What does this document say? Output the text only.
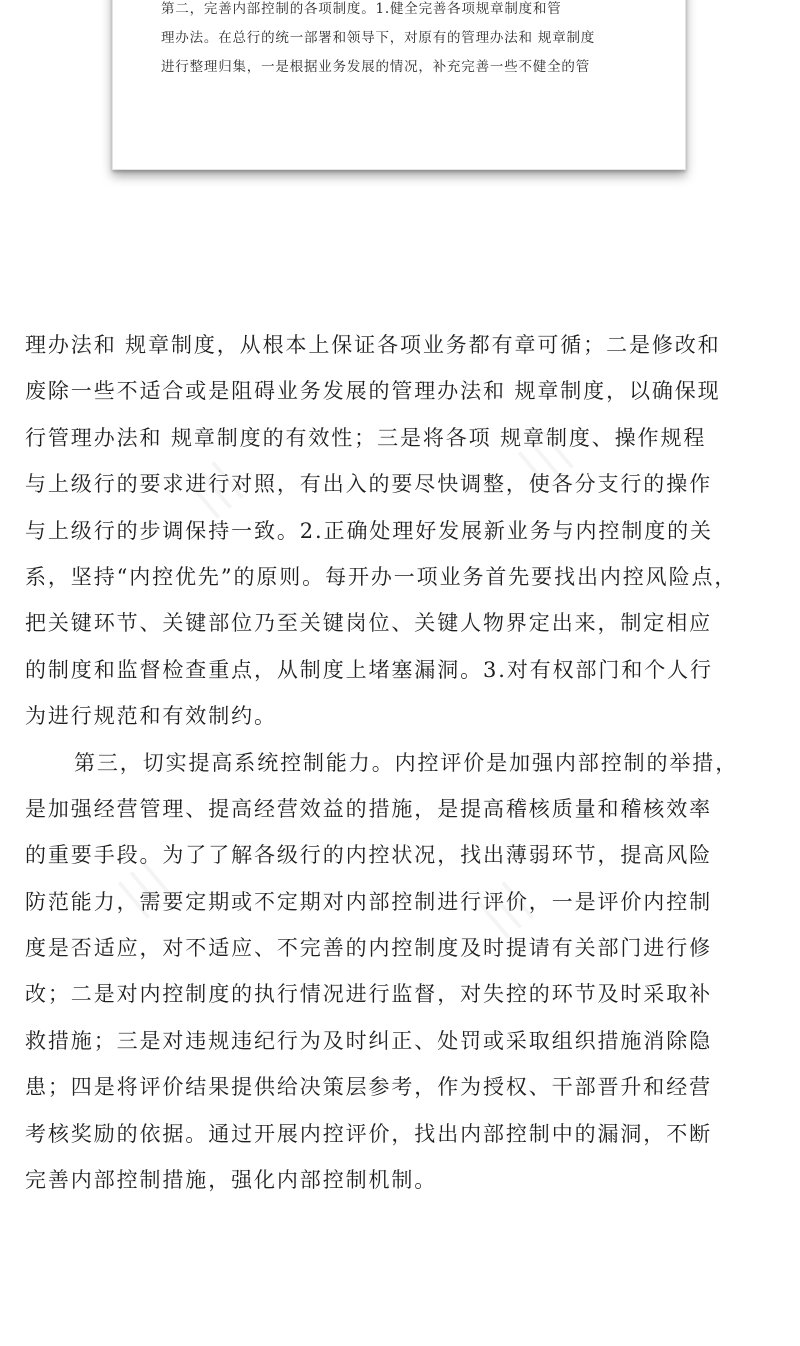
第二，完善内部控制的各项制度。1.健全完善各项规章制度和管
理办法。在总行的统一部署和领导下，对原有的管理办法和 规章制度
进行整理归集，一是根据业务发展的情况，补充完善一些不健全的管
理办法和 规章制度，从根本上保证各项业务都有章可循；二是修改和
废除一些不适合或是阻碍业务发展的管理办法和 规章制度，以确保现
行管理办法和 规章制度的有效性；三是将各项 规章制度、操作规程
与上级行的要求进行对照，有出入的要尽快调整，使各分支行的操作
与上级行的步调保持一致。2.正确处理好发展新业务与内控制度的关
系，坚持“内控优先”的原则。每开办一项业务首先要找出内控风险点，
把关键环节、关键部位乃至关键岗位、关键人物界定出来，制定相应
的制度和监督检查重点，从制度上堵塞漏洞。3.对有权部门和个人行
为进行规范和有效制约。
第三，切实提高系统控制能力。内控评价是加强内部控制的举措，
是加强经营管理、提高经营效益的措施，是提高稽核质量和稽核效率
的重要手段。为了了解各级行的内控状况，找出薄弱环节，提高风险
防范能力，需要定期或不定期对内部控制进行评价，一是评价内控制
度是否适应，对不适应、不完善的内控制度及时提请有关部门进行修
改；二是对内控制度的执行情况进行监督，对失控的环节及时采取补
救措施；三是对违规违纪行为及时纠正、处罚或采取组织措施消除隐
患；四是将评价结果提供给决策层参考，作为授权、干部晋升和经营
考核奖励的依据。通过开展内控评价，找出内部控制中的漏洞，不断
完善内部控制措施，强化内部控制机制。
